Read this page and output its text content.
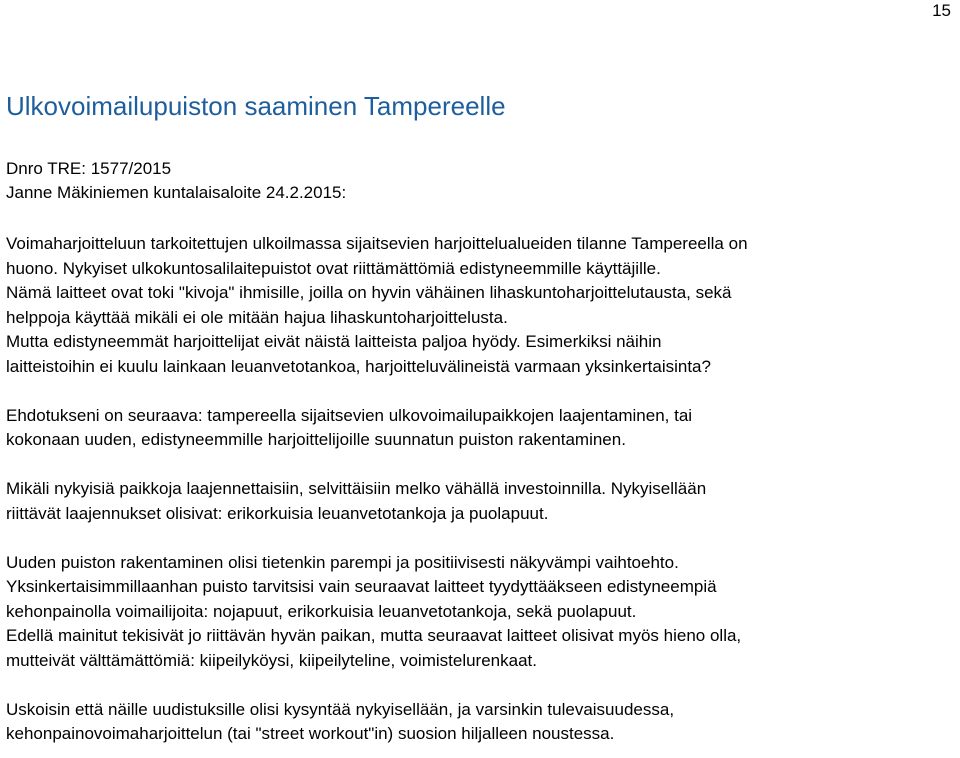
15
Ulkovoimailupuiston saaminen Tampereelle
Dnro TRE: 1577/2015
Janne Mäkiniemen kuntalaisaloite 24.2.2015:

Voimaharjoitteluun tarkoitettujen ulkoilmassa sijaitsevien harjoittelualueiden tilanne Tampereella on
huono. Nykyiset ulkokuntosalilaitepuistot ovat riittämättömiä edistyneemmille käyttäjille.
Nämä laitteet ovat toki "kivoja" ihmisille, joilla on hyvin vähäinen lihaskuntoharjoittelutausta, sekä
helppoja käyttää mikäli ei ole mitään hajua lihaskuntoharjoittelusta.
Mutta edistyneemmät harjoittelijat eivät näistä laitteista paljoa hyödy. Esimerkiksi näihin
laitteistoihin ei kuulu lainkaan leuanvetotankoa, harjoitteluvälineistä varmaan yksinkertaisinta?

Ehdotukseni on seuraava: tampereella sijaitsevien ulkovoimailupaikkojen laajentaminen, tai
kokonaan uuden, edistyneemmille harjoittelijoille suunnatun puiston rakentaminen.

Mikäli nykyisiä paikkoja laajennettaisiin, selvittäisiin melko vähällä investoinnilla. Nykyisellään
riittävät laajennukset olisivat: erikorkuisia leuanvetotankoja ja puolapuut.

Uuden puiston rakentaminen olisi tietenkin parempi ja positiivisesti näkyvämpi vaihtoehto.
Yksinkertaisimmillaanhan puisto tarvitsisi vain seuraavat laitteet tyydyttääkseen edistyneempiä
kehonpainolla voimailijoita: nojapuut, erikorkuisia leuanvetotankoja, sekä puolapuut.
Edellä mainitut tekisivät jo riittävän hyvän paikan, mutta seuraavat laitteet olisivat myös hieno olla,
mutteivät välttämättömiä: kiipeilyköysi, kiipeilyteline, voimistelurenkaat.

Uskoisin että näille uudistuksille olisi kysyntää nykyisellään, ja varsinkin tulevaisuudessa,
kehonpainovoimaharjoittelun (tai "street workout"in) suosion hiljalleen noustessa.
